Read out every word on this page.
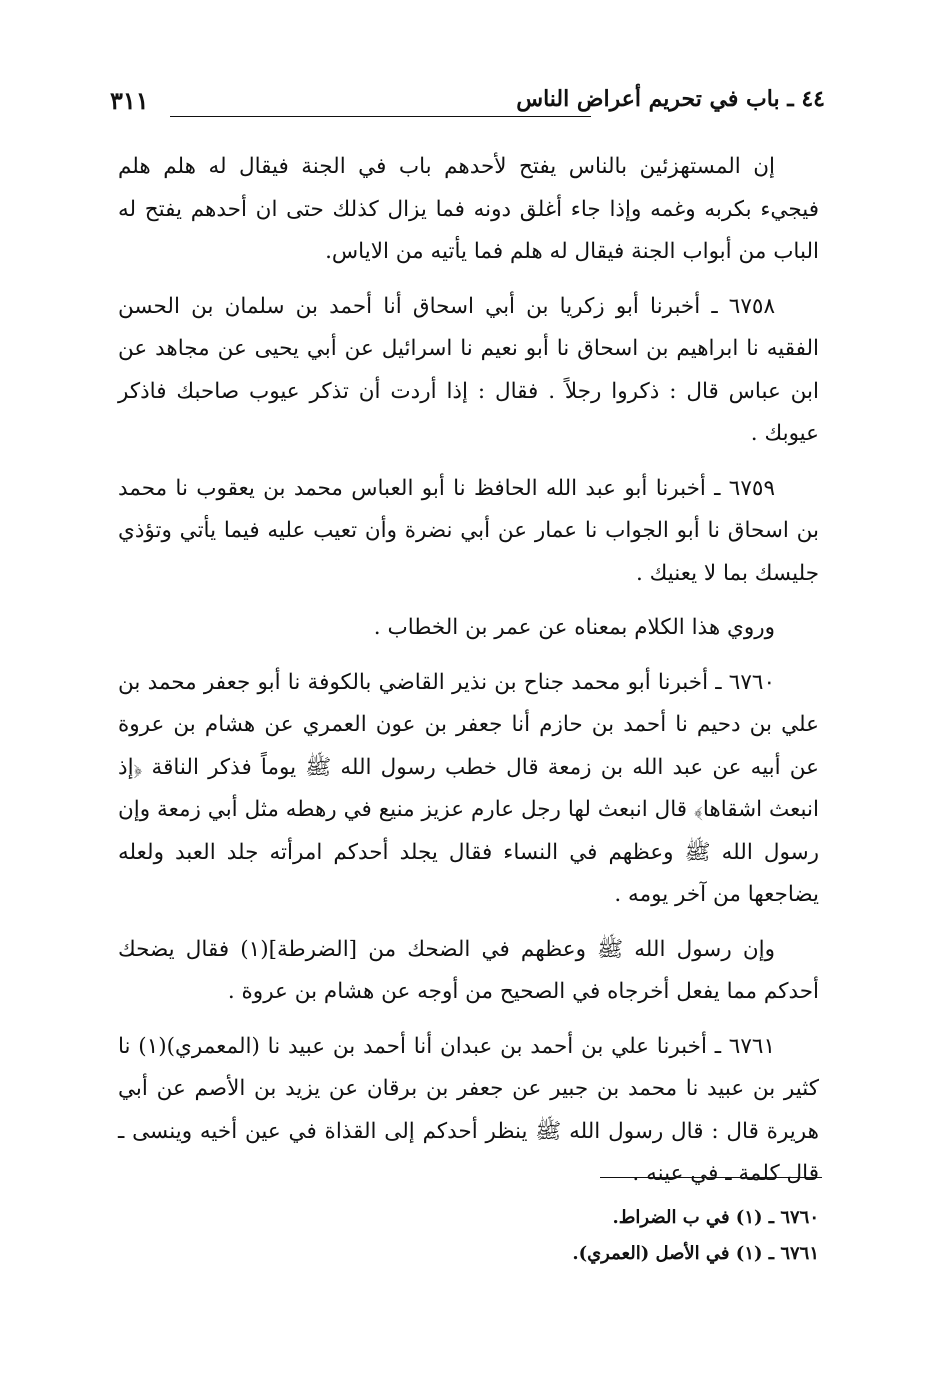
٤٤ ـ باب في تحريم أعراض الناس
٣١١

إن المستهزئين بالناس يفتح لأحدهم باب في الجنة فيقال له هلم هلم فيجيء بكربه وغمه وإذا جاء أغلق دونه فما يزال كذلك حتى ان أحدهم يفتح له الباب من أبواب الجنة فيقال له هلم فما يأتيه من الاياس.

٦٧٥٨ ـ أخبرنا أبو زكريا بن أبي اسحاق أنا أحمد بن سلمان بن الحسن الفقيه نا ابراهيم بن اسحاق نا أبو نعيم نا اسرائيل عن أبي يحيى عن مجاهد عن ابن عباس قال : ذكروا رجلاً . فقال : إذا أردت أن تذكر عيوب صاحبك فاذكر عيوبك .

٦٧٥٩ ـ أخبرنا أبو عبد الله الحافظ نا أبو العباس محمد بن يعقوب نا محمد بن اسحاق نا أبو الجواب نا عمار عن أبي نضرة وأن تعيب عليه فيما يأتي وتؤذي جليسك بما لا يعنيك .

وروي هذا الكلام بمعناه عن عمر بن الخطاب .

٦٧٦٠ ـ أخبرنا أبو محمد جناح بن نذير القاضي بالكوفة نا أبو جعفر محمد بن علي بن دحيم نا أحمد بن حازم أنا جعفر بن عون العمري عن هشام بن عروة عن أبيه عن عبد الله بن زمعة قال خطب رسول الله ﷺ يوماً فذكر الناقة ﴿إذ انبعث اشقاها﴾ قال انبعث لها رجل عارم عزيز منيع في رهطه مثل أبي زمعة وإن رسول الله ﷺ وعظهم في النساء فقال يجلد أحدكم امرأته جلد العبد ولعله يضاجعها من آخر يومه .

وإن رسول الله ﷺ وعظهم في الضحك من [الضرطة](١) فقال يضحك أحدكم مما يفعل أخرجاه في الصحيح من أوجه عن هشام بن عروة .

٦٧٦١ ـ أخبرنا علي بن أحمد بن عبدان أنا أحمد بن عبيد نا (المعمري)(١) نا كثير بن عبيد نا محمد بن جبير عن جعفر بن برقان عن يزيد بن الأصم عن أبي هريرة قال : قال رسول الله ﷺ ينظر أحدكم إلى القذاة في عين أخيه وينسى ـ قال كلمة ـ في عينه .

٦٧٦٠ ـ (١) في ب الضراط.
٦٧٦١ ـ (١) في الأصل (العمري).
